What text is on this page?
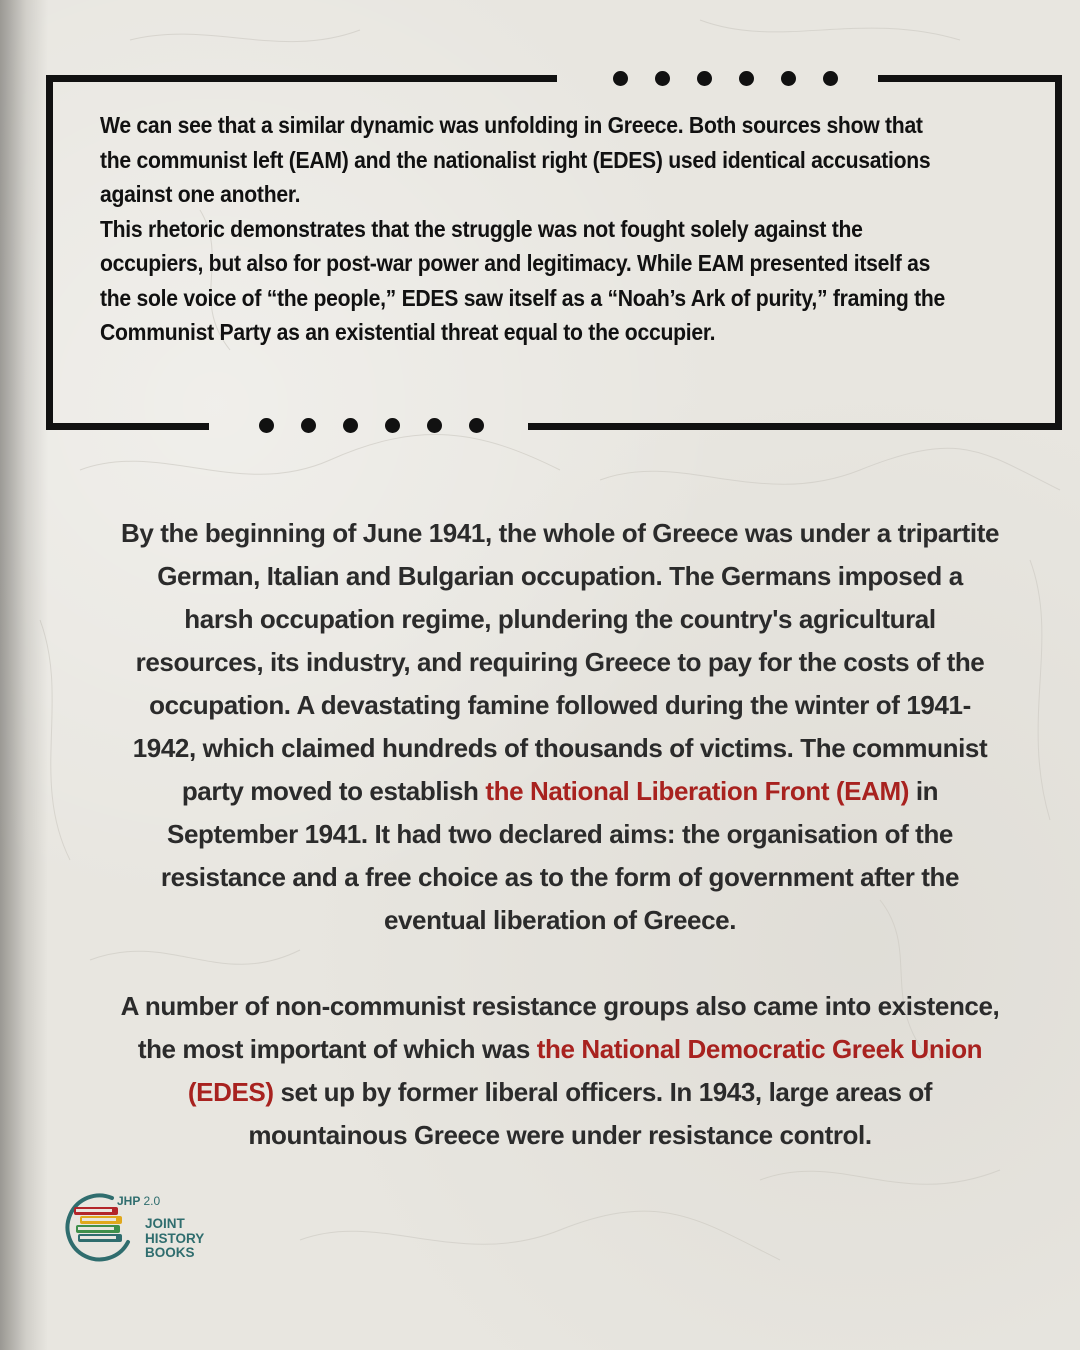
We can see that a similar dynamic was unfolding in Greece. Both sources show that the communist left (EAM) and the nationalist right (EDES) used identical accusations against one another.

This rhetoric demonstrates that the struggle was not fought solely against the occupiers, but also for post-war power and legitimacy. While EAM presented itself as the sole voice of “the people,” EDES saw itself as a “Noah’s Ark of purity,” framing the Communist Party as an existential threat equal to the occupier.

By the beginning of June 1941, the whole of Greece was under a tripartite German, Italian and Bulgarian occupation. The Germans imposed a harsh occupation regime, plundering the country's agricultural resources, its industry, and requiring Greece to pay for the costs of the occupation. A devastating famine followed during the winter of 1941-1942, which claimed hundreds of thousands of victims. The communist party moved to establish the National Liberation Front (EAM) in September 1941. It had two declared aims: the organisation of the resistance and a free choice as to the form of government after the eventual liberation of Greece.

A number of non-communist resistance groups also came into existence, the most important of which was the National Democratic Greek Union (EDES) set up by former liberal officers. In 1943, large areas of mountainous Greece were under resistance control.

JHP 2.0
JOINT
HISTORY
BOOKS
